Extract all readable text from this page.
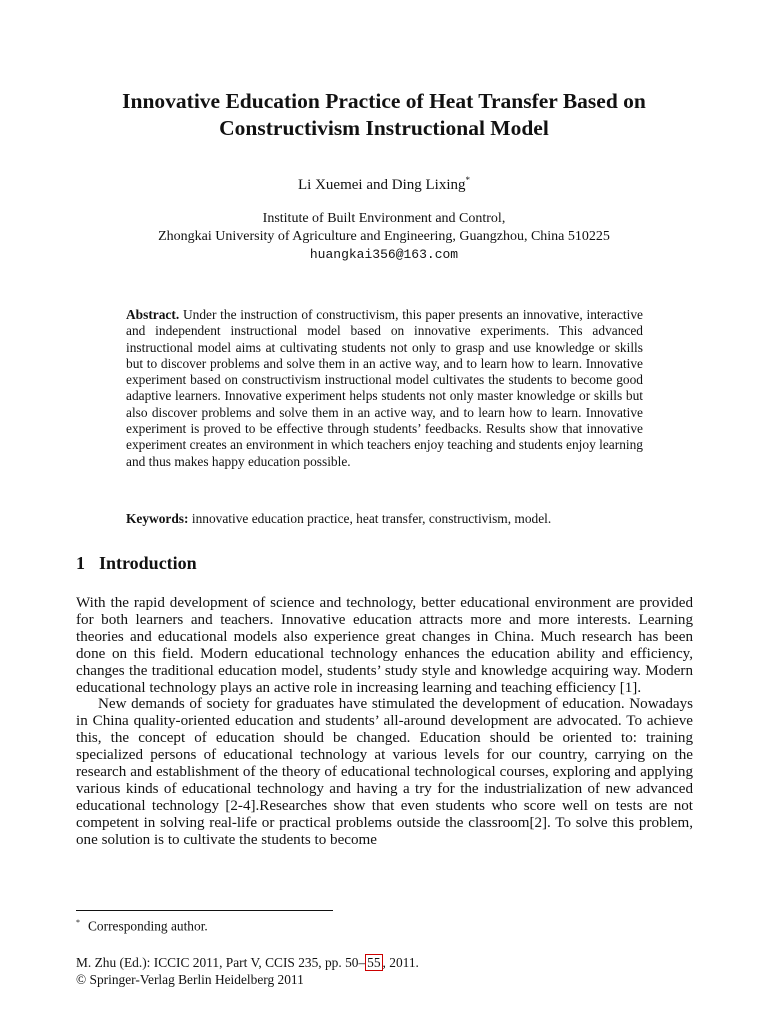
Innovative Education Practice of Heat Transfer Based on
Constructivism Instructional Model
Li Xuemei and Ding Lixing*
Institute of Built Environment and Control,
Zhongkai University of Agriculture and Engineering, Guangzhou, China 510225
huangkai356@163.com
Abstract. Under the instruction of constructivism, this paper presents an innovative, interactive and independent instructional model based on innovative experiments. This advanced instructional model aims at cultivating students not only to grasp and use knowledge or skills but to discover problems and solve them in an active way, and to learn how to learn. Innovative experiment based on constructivism instructional model cultivates the students to become good adaptive learners. Innovative experiment helps students not only master knowledge or skills but also discover problems and solve them in an active way, and to learn how to learn. Innovative experiment is proved to be effective through students’ feedbacks. Results show that innovative experiment creates an environment in which teachers enjoy teaching and students enjoy learning and thus makes happy education possible.
Keywords: innovative education practice, heat transfer, constructivism, model.
1 Introduction

With the rapid development of science and technology, better educational environment are provided for both learners and teachers. Innovative education attracts more and more interests. Learning theories and educational models also experience great changes in China. Much research has been done on this field. Modern educational technology enhances the education ability and efficiency, changes the traditional education model, students’ study style and knowledge acquiring way. Modern educational technology plays an active role in increasing learning and teaching efficiency [1].

New demands of society for graduates have stimulated the development of education. Nowadays in China quality-oriented education and students’ all-around development are advocated. To achieve this, the concept of education should be changed. Education should be oriented to: training specialized persons of educational technology at various levels for our country, carrying on the research and establishment of the theory of educational technological courses, exploring and applying various kinds of educational technology and having a try for the industrialization of new advanced educational technology [2-4].Researches show that even students who score well on tests are not competent in solving real-life or practical problems outside the classroom[2]. To solve this problem, one solution is to cultivate the students to become

* Corresponding author.
M. Zhu (Ed.): ICCIC 2011, Part V, CCIS 235, pp. 50– 55 , 2011.
© Springer-Verlag Berlin Heidelberg 2011
